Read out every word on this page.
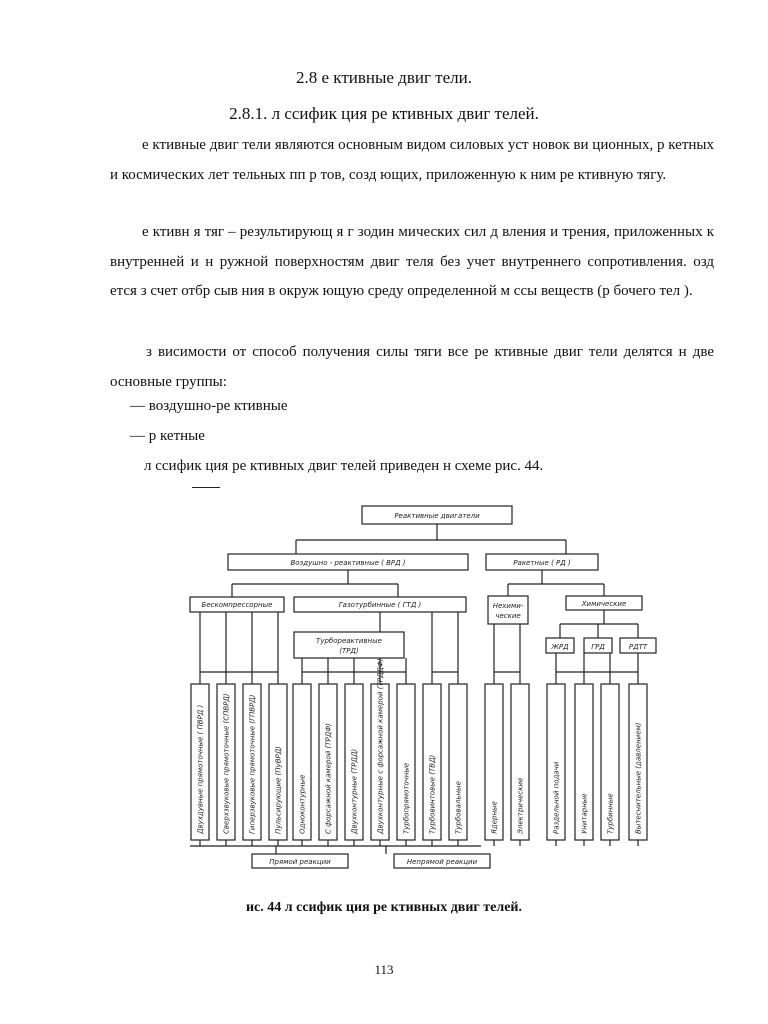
2.8 е ктивные двиг тели.
2.8.1. л ссифик ция ре ктивных двиг телей.
е ктивные двиг тели являются основным видом силовых уст новок ви ционных, р кетных и космических лет тельных пп р тов, созд ющих, приложенную к ним ре ктивную тягу.
е ктивн я тяг – результирующ я г зодин мических сил д вления и трения, приложенных к внутренней и н ружной поверхностям двиг теля без учет внутреннего сопротивления. озд ется з счет отбр сыв ния в окруж ющую среду определенной м ссы веществ (р бочего тел ).
з висимости от способ получения силы тяги все ре ктивные двиг тели делятся н две основные группы:
— воздушно-ре ктивные
— р кетные
л ссифик ция ре ктивных двиг телей приведен н схеме рис. 44.
Реактивные двигатели
Воздушно - реактивные ( ВРД )	Ракетные ( РД )
Бескомпрессорные	Газотурбинные ( ГТД )	Нехими-
ческие
Химические
Турбореактивные
(ТРД)	ЖРД	ГРД	РДТТ
Двухдувные прямоточные ( ПВРД )	Сверхзвуковые прямоточные (СПВРД)	Гиперзвуковые прямоточные (ГПВРД)	Пульсирующие (ПуВРД) Одноконтурные	С форсажной камерой (ТРДФ)	Двухконтурные (ТРДД)	Двухконтурные с форсажной камерой (ТРДДФ)	Турбопрямоточные	Турбовинтовые (ТВД)	Турбовальные	Ядерные	Электрические	Раздельной подачи	Унитарные	Турбинные	Вытеснительные (давлением)
Прямой реакции	Непрямой реакции
ис. 44 л ссифик ция ре ктивных двиг телей.
113
